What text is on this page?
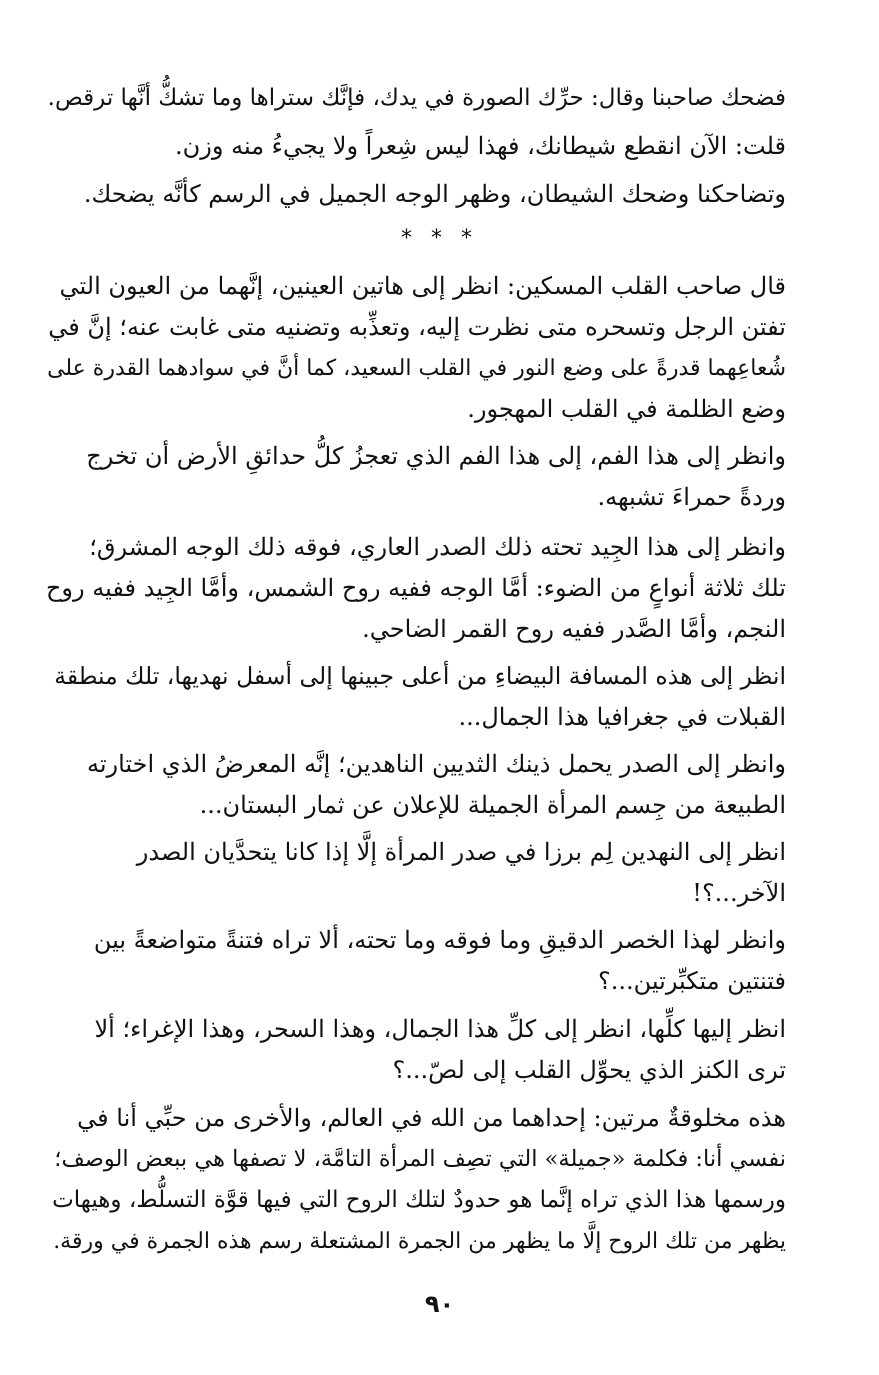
فضحك صاحبنا وقال: حرِّك الصورة في يدك، فإنَّك ستراها وما تشكُّ أنَّها ترقص.
قلت: الآن انقطع شيطانك، فهذا ليس شِعراً ولا يجيءُ منه وزن.
وتضاحكنا وضحك الشيطان، وظهر الوجه الجميل في الرسم كأنَّه يضحك.
* * *
قال صاحب القلب المسكين: انظر إلى هاتين العينين، إنَّهما من العيون التي
تفتن الرجل وتسحره متى نظرت إليه، وتعذِّبه وتضنيه متى غابت عنه؛ إنَّ في
شُعاعِهما قدرةً على وضع النور في القلب السعيد، كما أنَّ في سوادهما القدرة على
وضع الظلمة في القلب المهجور.
وانظر إلى هذا الفم، إلى هذا الفم الذي تعجزُ كلُّ حدائقِ الأرض أن تخرج
وردةً حمراءَ تشبهه.
وانظر إلى هذا الجِيد تحته ذلك الصدر العاري، فوقه ذلك الوجه المشرق؛
تلك ثلاثة أنواعٍ من الضوء: أمَّا الوجه ففيه روح الشمس، وأمَّا الجِيد ففيه روح
النجم، وأمَّا الصَّدر ففيه روح القمر الضاحي.
انظر إلى هذه المسافة البيضاءِ من أعلى جبينها إلى أسفل نهديها، تلك منطقة
القبلات في جغرافيا هذا الجمال...
وانظر إلى الصدر يحمل ذينك الثديين الناهدين؛ إنَّه المعرضُ الذي اختارته
الطبيعة من جِسم المرأة الجميلة للإعلان عن ثمار البستان...
انظر إلى النهدين لِم برزا في صدر المرأة إلَّا إذا كانا يتحدَّيان الصدر
الآخر...؟!
وانظر لهذا الخصر الدقيقِ وما فوقه وما تحته، ألا تراه فتنةً متواضعةً بين
فتنتين متكبِّرتين...؟
انظر إليها كلِّها، انظر إلى كلِّ هذا الجمال، وهذا السحر، وهذا الإغراء؛ ألا
ترى الكنز الذي يحوِّل القلب إلى لصّ...؟
هذه مخلوقةٌ مرتين: إحداهما من الله في العالم، والأخرى من حبِّي أنا في
نفسي أنا: فكلمة «جميلة» التي تصِف المرأة التامَّة، لا تصفها هي ببعض الوصف؛
ورسمها هذا الذي تراه إنَّما هو حدودٌ لتلك الروح التي فيها قوَّة التسلُّط، وهيهات
يظهر من تلك الروح إلَّا ما يظهر من الجمرة المشتعلة رسم هذه الجمرة في ورقة.
٩٠
